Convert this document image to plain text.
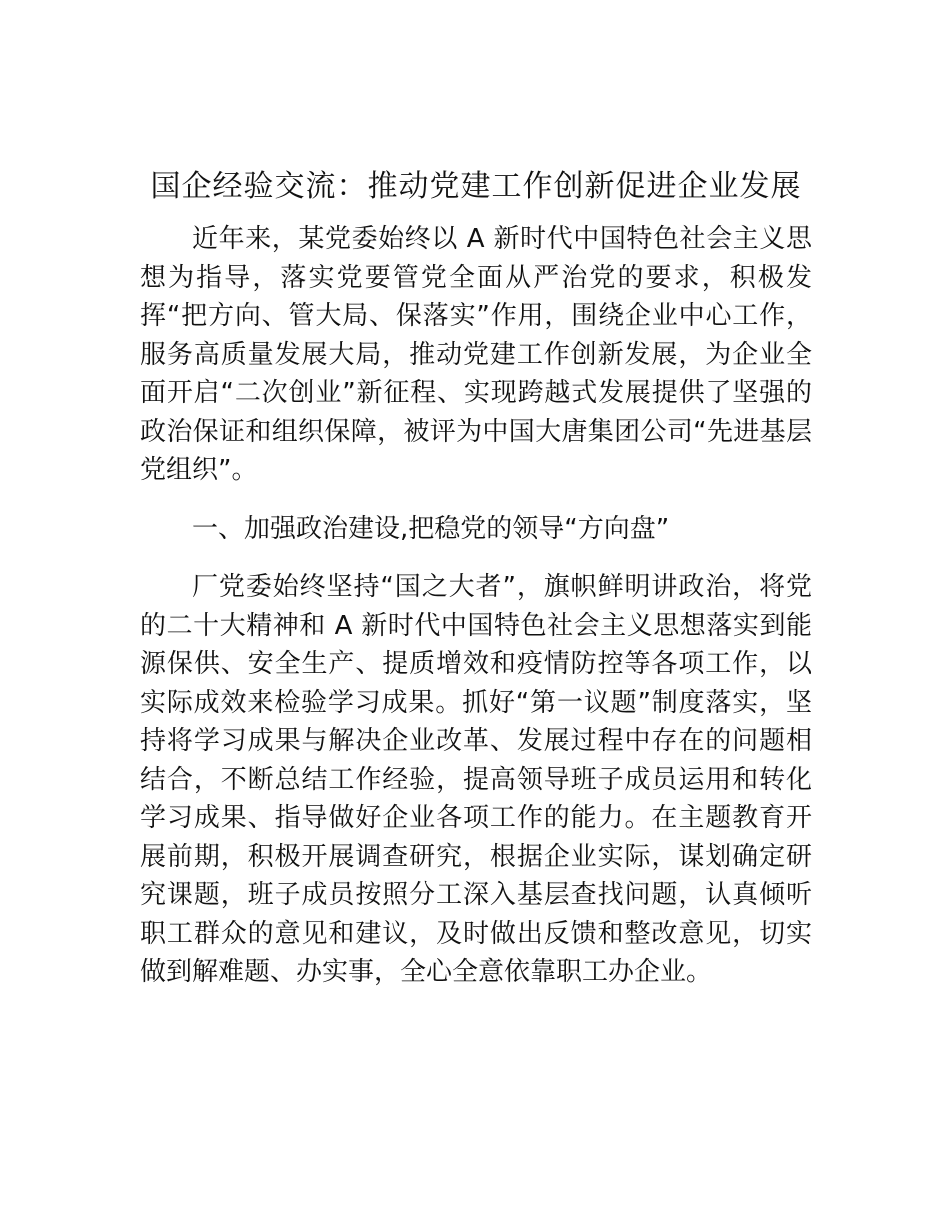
国企经验交流：推动党建工作创新促进企业发展

近年来，某党委始终以 A 新时代中国特色社会主义思想为指导，落实党要管党全面从严治党的要求，积极发挥“把方向、管大局、保落实”作用，围绕企业中心工作，服务高质量发展大局，推动党建工作创新发展，为企业全面开启“二次创业”新征程、实现跨越式发展提供了坚强的政治保证和组织保障，被评为中国大唐集团公司“先进基层党组织”。

一、加强政治建设,把稳党的领导“方向盘”

厂党委始终坚持“国之大者”，旗帜鲜明讲政治，将党的二十大精神和 A 新时代中国特色社会主义思想落实到能源保供、安全生产、提质增效和疫情防控等各项工作，以实际成效来检验学习成果。抓好“第一议题”制度落实，坚持将学习成果与解决企业改革、发展过程中存在的问题相结合，不断总结工作经验，提高领导班子成员运用和转化学习成果、指导做好企业各项工作的能力。在主题教育开展前期，积极开展调查研究，根据企业实际，谋划确定研究课题，班子成员按照分工深入基层查找问题，认真倾听职工群众的意见和建议，及时做出反馈和整改意见，切实做到解难题、办实事，全心全意依靠职工办企业。
